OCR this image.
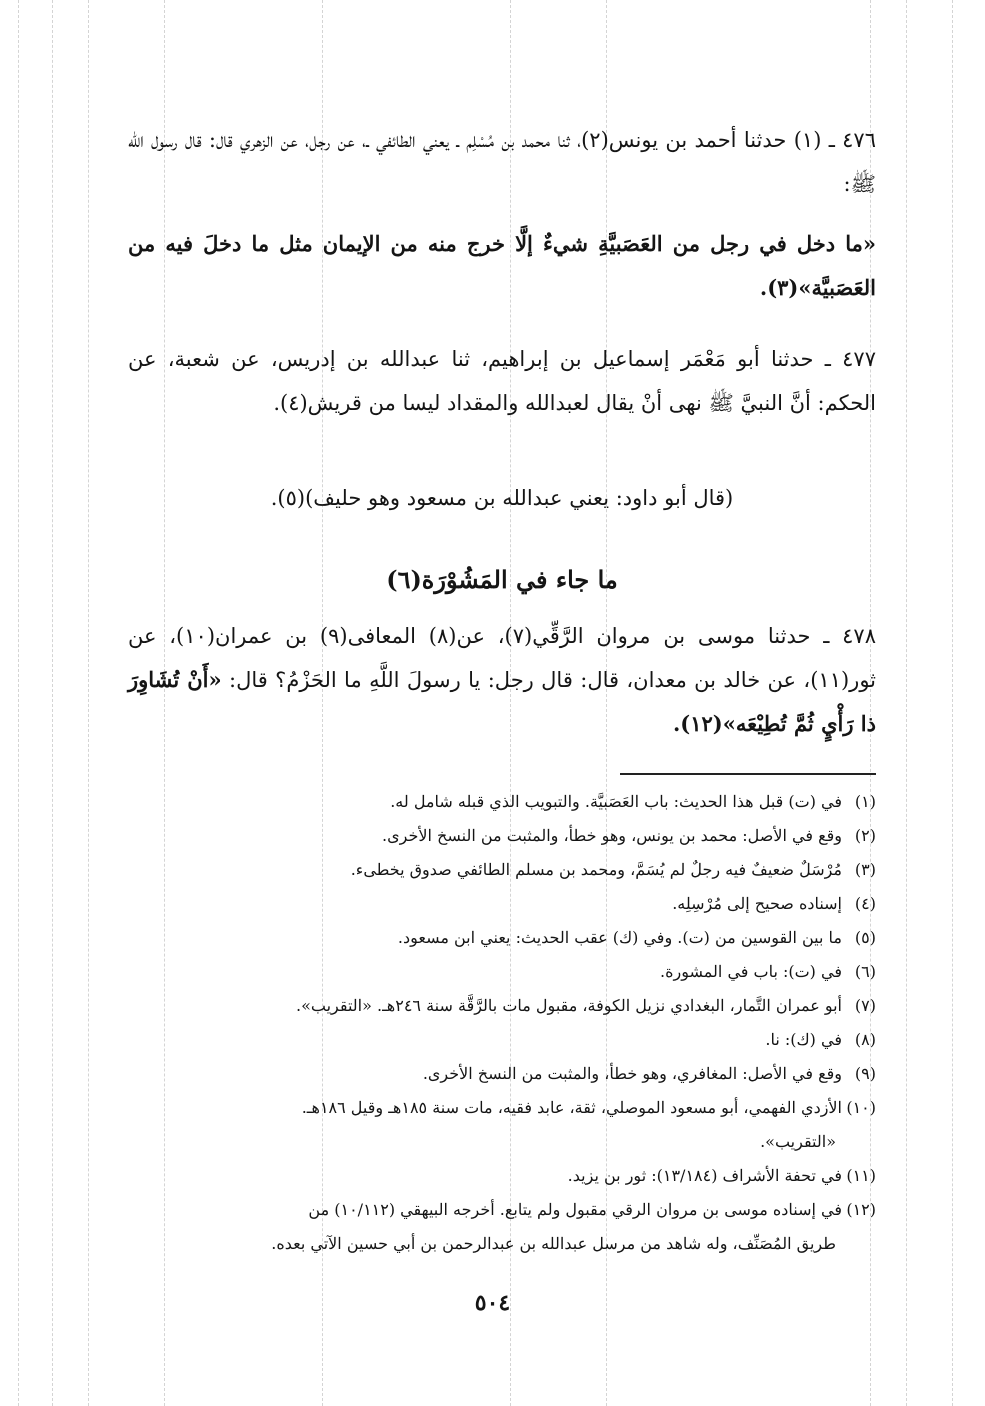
٤٧٦ ـ (١) حدثنا أحمد بن يونس(٢)، ثنا محمد بن مُسْلِم ـ يعني الطائفي ـ، عن رجل، عن الزهري قال: قال رسول الله ﷺ:
«ما دخل في رجل من العَصَبيَّةِ شيءٌ إلَّا خرج منه من الإيمان مثل ما دخلَ فيه من العَصَبيَّة»(٣).
٤٧٧ ـ حدثنا أبو مَعْمَر إسماعيل بن إبراهيم، ثنا عبدالله بن إدريس، عن شعبة، عن الحكم: أنَّ النبيَّ ﷺ نهى أنْ يقال لعبدالله والمقداد ليسا من قريش(٤).
(قال أبو داود: يعني عبدالله بن مسعود وهو حليف)(٥).
ما جاء في المَشُوْرَة(٦)
٤٧٨ ـ حدثنا موسى بن مروان الرَّقِّي(٧)، عن(٨) المعافى(٩) بن عمران(١٠)، عن ثور(١١)، عن خالد بن معدان، قال: قال رجل: يا رسولَ اللَّهِ ما الحَزْمُ؟ قال: «أَنْ تُشَاوِرَ ذا رَأْيٍ ثُمَّ تُطِيْعَه»(١٢).
(١)في (ت) قبل هذا الحديث: باب العَصَبيَّة. والتبويب الذي قبله شامل له.
(٢)وقع في الأصل: محمد بن يونس، وهو خطأ، والمثبت من النسخ الأخرى.
(٣)مُرْسَلٌ ضعيفٌ فيه رجلٌ لم يُسَمَّ، ومحمد بن مسلم الطائفي صدوق يخطىء.
(٤)إسناده صحيح إلى مُرْسِلِه.
(٥)ما بين القوسين من (ت). وفي (ك) عقب الحديث: يعني ابن مسعود.
(٦)في (ت): باب في المشورة.
(٧)أبو عمران التَّمار، البغدادي نزيل الكوفة، مقبول مات بالرَّقَّة سنة ٢٤٦هـ. «التقريب».
(٨)في (ك): نا.
(٩)وقع في الأصل: المغافري، وهو خطأ، والمثبت من النسخ الأخرى.
(١٠)الأزدي الفهمي، أبو مسعود الموصلي، ثقة، عابد فقيه، مات سنة ١٨٥هـ وقيل ١٨٦هـ.
«التقريب».
(١١)في تحفة الأشراف (١٣/١٨٤): ثور بن يزيد.
(١٢)في إسناده موسى بن مروان الرقي مقبول ولم يتابع. أخرجه البيهقي (١٠/١١٢) من
طريق المُصَنِّف، وله شاهد من مرسل عبدالله بن عبدالرحمن بن أبي حسين الآتي بعده.
٥٠٤
